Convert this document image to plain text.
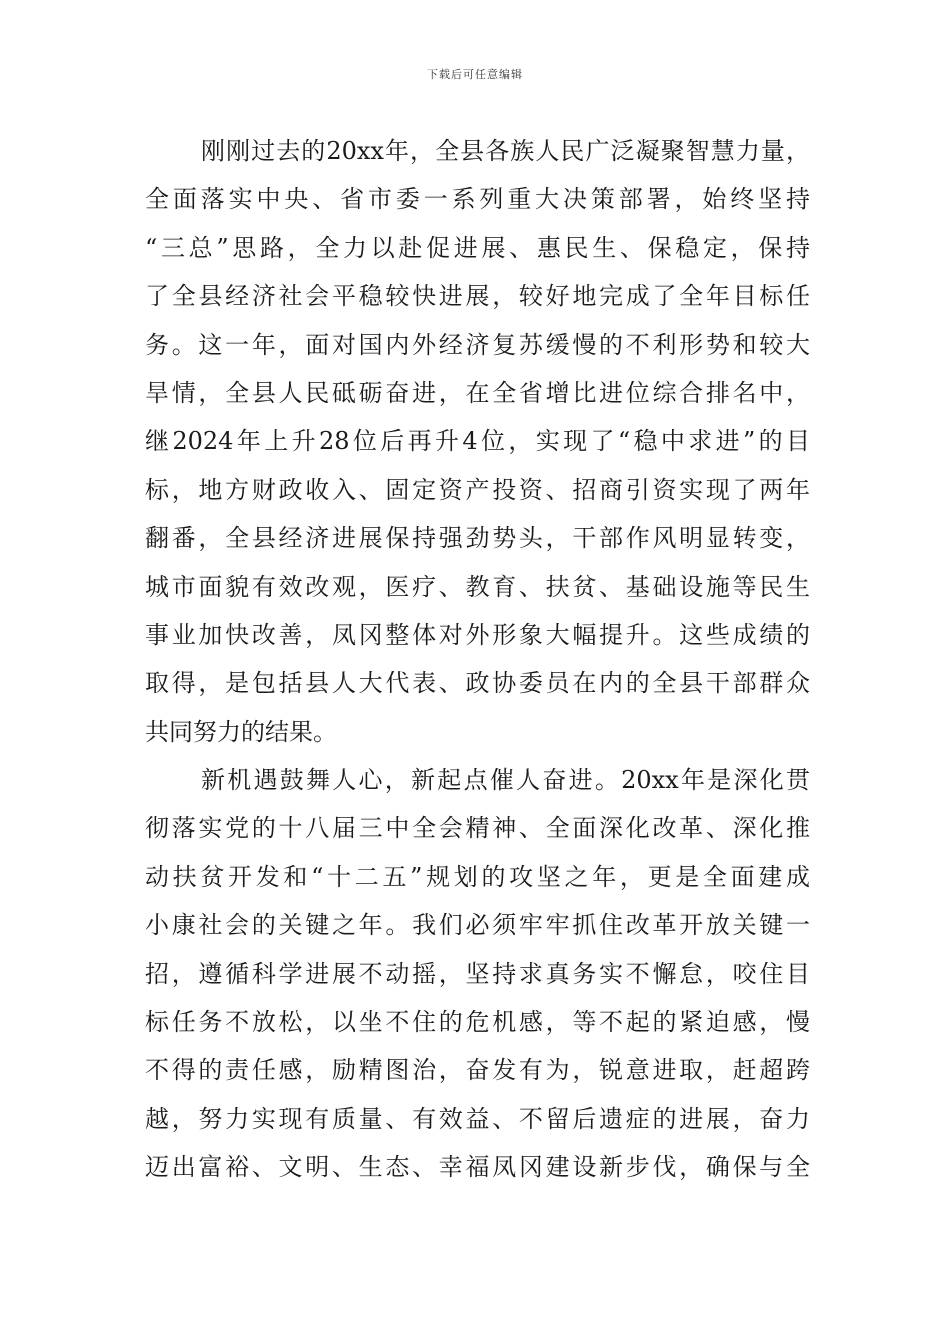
下载后可任意编辑
刚刚过去的20xx年，全县各族人民广泛凝聚智慧力量，
全面落实中央、省市委一系列重大决策部署，始终坚持
“三总”思路，全力以赴促进展、惠民生、保稳定，保持
了全县经济社会平稳较快进展，较好地完成了全年目标任
务。这一年，面对国内外经济复苏缓慢的不利形势和较大
旱情，全县人民砥砺奋进，在全省增比进位综合排名中，
继2024年上升28位后再升4位，实现了“稳中求进”的目
标，地方财政收入、固定资产投资、招商引资实现了两年
翻番，全县经济进展保持强劲势头，干部作风明显转变，
城市面貌有效改观，医疗、教育、扶贫、基础设施等民生
事业加快改善，凤冈整体对外形象大幅提升。这些成绩的
取得，是包括县人大代表、政协委员在内的全县干部群众
共同努力的结果。
新机遇鼓舞人心，新起点催人奋进。20xx年是深化贯
彻落实党的十八届三中全会精神、全面深化改革、深化推
动扶贫开发和“十二五”规划的攻坚之年，更是全面建成
小康社会的关键之年。我们必须牢牢抓住改革开放关键一
招，遵循科学进展不动摇，坚持求真务实不懈怠，咬住目
标任务不放松，以坐不住的危机感，等不起的紧迫感，慢
不得的责任感，励精图治，奋发有为，锐意进取，赶超跨
越，努力实现有质量、有效益、不留后遗症的进展，奋力
迈出富裕、文明、生态、幸福凤冈建设新步伐，确保与全
